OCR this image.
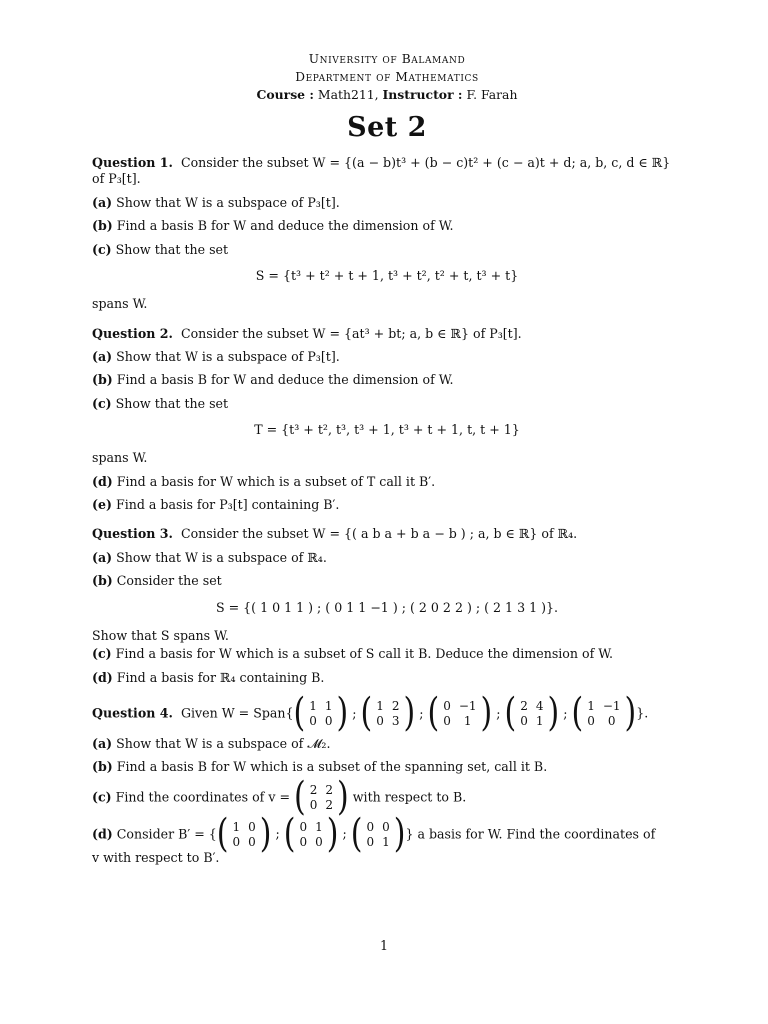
University of Balamand
Department of Mathematics
Course : Math211, Instructor : F. Farah
Set 2
Question 1. Consider the subset W = {(a − b)t³ + (b − c)t² + (c − a)t + d; a, b, c, d ∈ ℝ} of P₃[t].
(a) Show that W is a subspace of P₃[t].
(b) Find a basis B for W and deduce the dimension of W.
(c) Show that the set
S = {t³ + t² + t + 1, t³ + t², t² + t, t³ + t}
spans W.
Question 2. Consider the subset W = {at³ + bt; a, b ∈ ℝ} of P₃[t].
(a) Show that W is a subspace of P₃[t].
(b) Find a basis B for W and deduce the dimension of W.
(c) Show that the set
T = {t³ + t², t³, t³ + 1, t³ + t + 1, t, t + 1}
spans W.
(d) Find a basis for W which is a subset of T call it B′.
(e) Find a basis for P₃[t] containing B′.
Question 3. Consider the subset W = {( a b a + b a − b ) ; a, b ∈ ℝ} of ℝ₄.
(a) Show that W is a subspace of ℝ₄.
(b) Consider the set
S = {( 1 0 1 1 ) ; ( 0 1 1 −1 ) ; ( 2 0 2 2 ) ; ( 2 1 3 1 )}.
Show that S spans W.
(c) Find a basis for W which is a subset of S call it B. Deduce the dimension of W.
(d) Find a basis for ℝ₄ containing B.
Question 4. Given W = Span{ ( 1	1
0	0 ) ; ( 1	2
0	3 ) ; ( 0	−1
0	1 ) ; ( 2	4
0	1 ) ; ( 1	−1
0	0 ) }.
(a) Show that W is a subspace of 𝓜₂.
(b) Find a basis B for W which is a subset of the spanning set, call it B.
(c) Find the coordinates of v = ( 2	2
0	2 ) with respect to B.
(d) Consider B′ = { ( 1	0
0	0 ) ; ( 0	1
0	0 ) ; ( 0	0
0	1 ) } a basis for W. Find the coordinates of
v with respect to B′.
1
